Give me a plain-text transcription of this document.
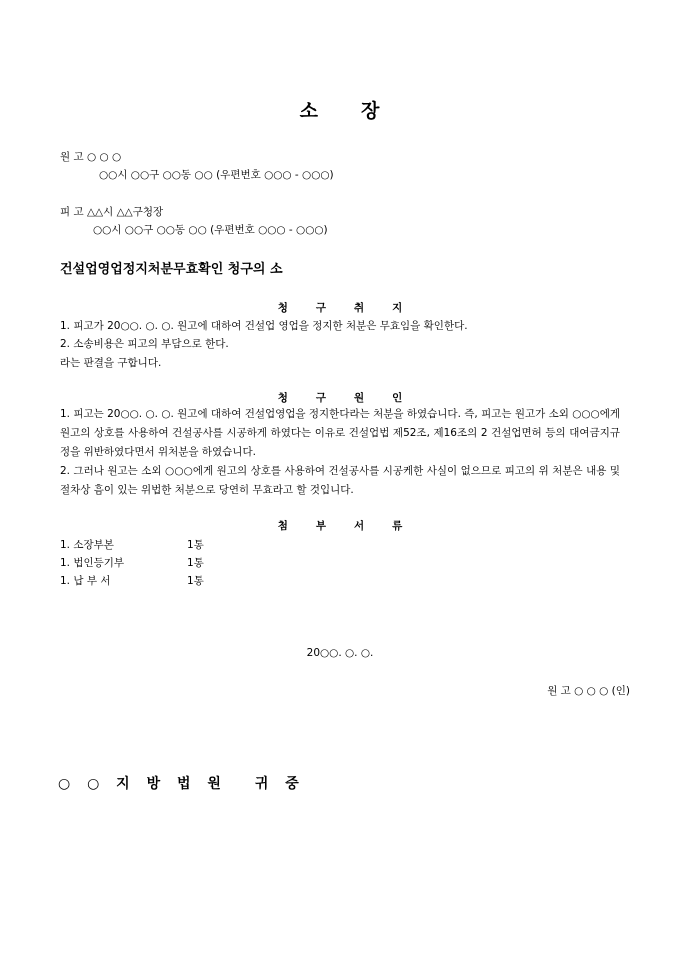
소 장
원 고 ○ ○ ○
○○시 ○○구 ○○동 ○○ (우편번호 ○○○ - ○○○)
피 고 △△시 △△구청장
○○시 ○○구 ○○동 ○○ (우편번호 ○○○ - ○○○)
건설업영업정지처분무효확인 청구의 소
청	구	취	지
1. 피고가 20○○. ○. ○. 원고에 대하여 건설업 영업을 정지한 처분은 무효임을 확인한다.
2. 소송비용은 피고의 부담으로 한다.
라는 판결을 구합니다.
청	구	원	인
1. 피고는 20○○. ○. ○. 원고에 대하여 건설업영업을 정지한다라는 처분을 하였습니다. 즉, 피고는 원고가 소외 ○○○에게 원고의 상호를 사용하여 건설공사를 시공하게 하였다는 이유로 건설업법 제52조, 제16조의 2 건설업면허 등의 대여금지규정을 위반하였다면서 위처분을 하였습니다.
2. 그러나 원고는 소외 ○○○에게 원고의 상호를 사용하여 건설공사를 시공케한 사실이 없으므로 피고의 위 처분은 내용 및 절차상 흠이 있는 위법한 처분으로 당연히 무효라고 할 것입니다.
첨	부	서	류
1. 소장부본	1통
1. 법인등기부	1통
1. 납 부 서	1통
20○○. ○. ○.
원 고 ○ ○ ○ (인)
○ ○ 지 방 법 원 귀 중
